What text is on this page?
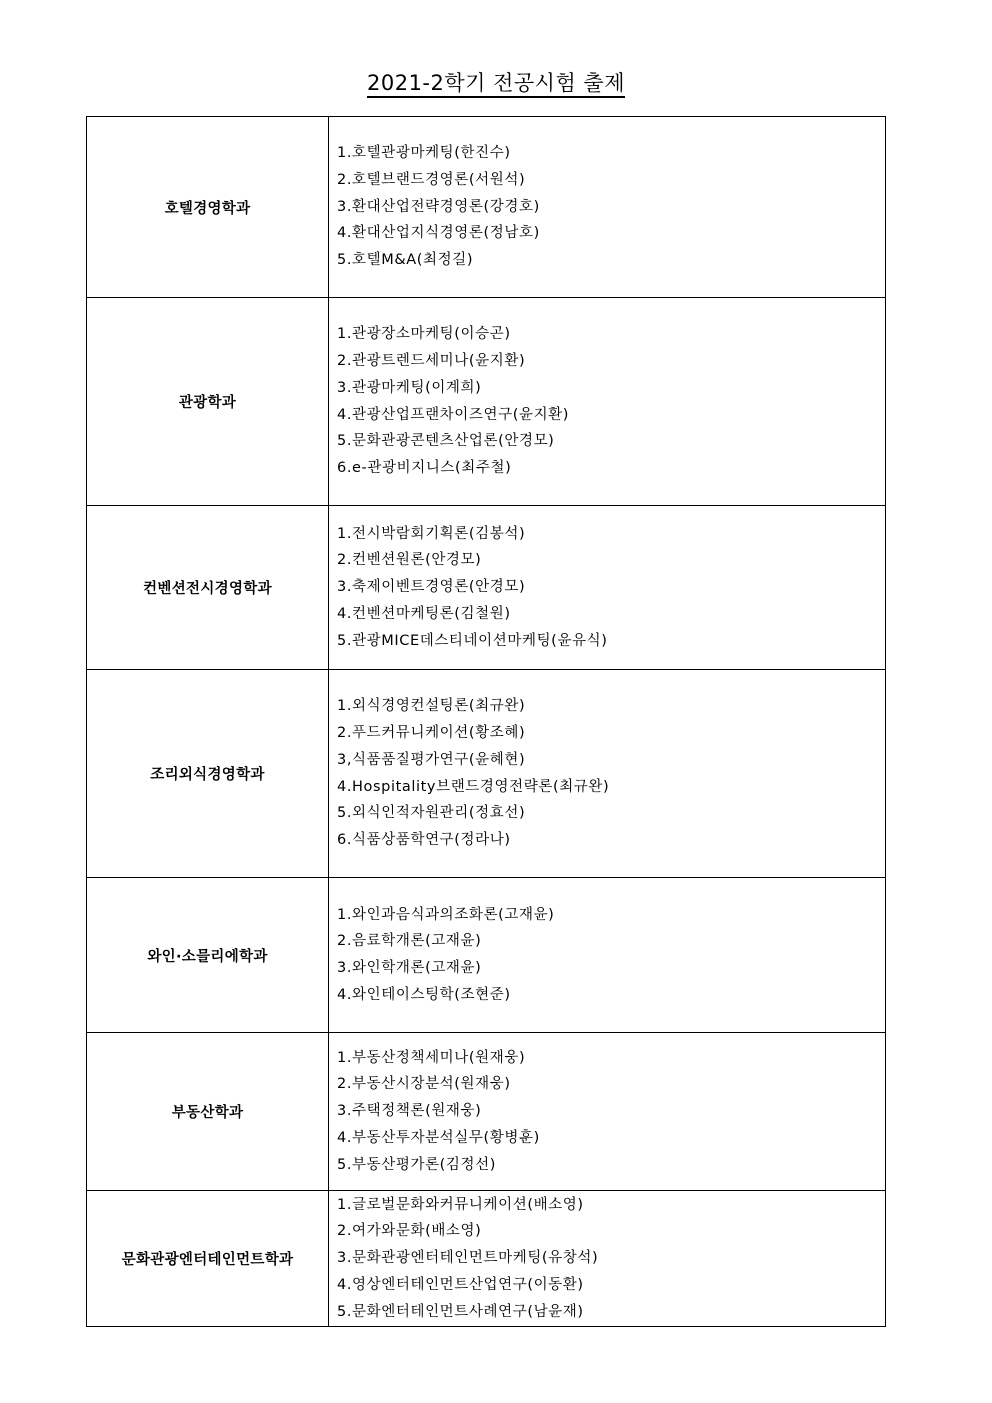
2021-2학기 전공시험 출제
호텔경영학과	
1.호텔관광마케팅(한진수)
2.호텔브랜드경영론(서원석)
3.환대산업전략경영론(강경호)
4.환대산업지식경영론(정남호)
5.호텔M&A(최정길)

관광학과	
1.관광장소마케팅(이승곤)
2.관광트렌드세미나(윤지환)
3.관광마케팅(이계희)
4.관광산업프랜차이즈연구(윤지환)
5.문화관광콘텐츠산업론(안경모)
6.e-관광비지니스(최주철)

컨벤션전시경영학과	
1.전시박람회기획론(김봉석)
2.컨벤션원론(안경모)
3.축제이벤트경영론(안경모)
4.컨벤션마케팅론(김철원)
5.관광MICE데스티네이션마케팅(윤유식)

조리외식경영학과	
1.외식경영컨설팅론(최규완)
2.푸드커뮤니케이션(황조혜)
3,식품품질평가연구(윤혜현)
4.Hospitality브랜드경영전략론(최규완)
5.외식인적자원관리(정효선)
6.식품상품학연구(정라나)

와인·소믈리에학과	
1.와인과음식과의조화론(고재윤)
2.음료학개론(고재윤)
3.와인학개론(고재윤)
4.와인테이스팅학(조현준)

부동산학과	
1.부동산정책세미나(원재웅)
2.부동산시장분석(원재웅)
3.주택정책론(원재웅)
4.부동산투자분석실무(황병훈)
5.부동산평가론(김정선)

문화관광엔터테인먼트학과	
1.글로벌문화와커뮤니케이션(배소영)
2.여가와문화(배소영)
3.문화관광엔터테인먼트마케팅(유창석)
4.영상엔터테인먼트산업연구(이동환)
5.문화엔터테인먼트사례연구(남윤재)
